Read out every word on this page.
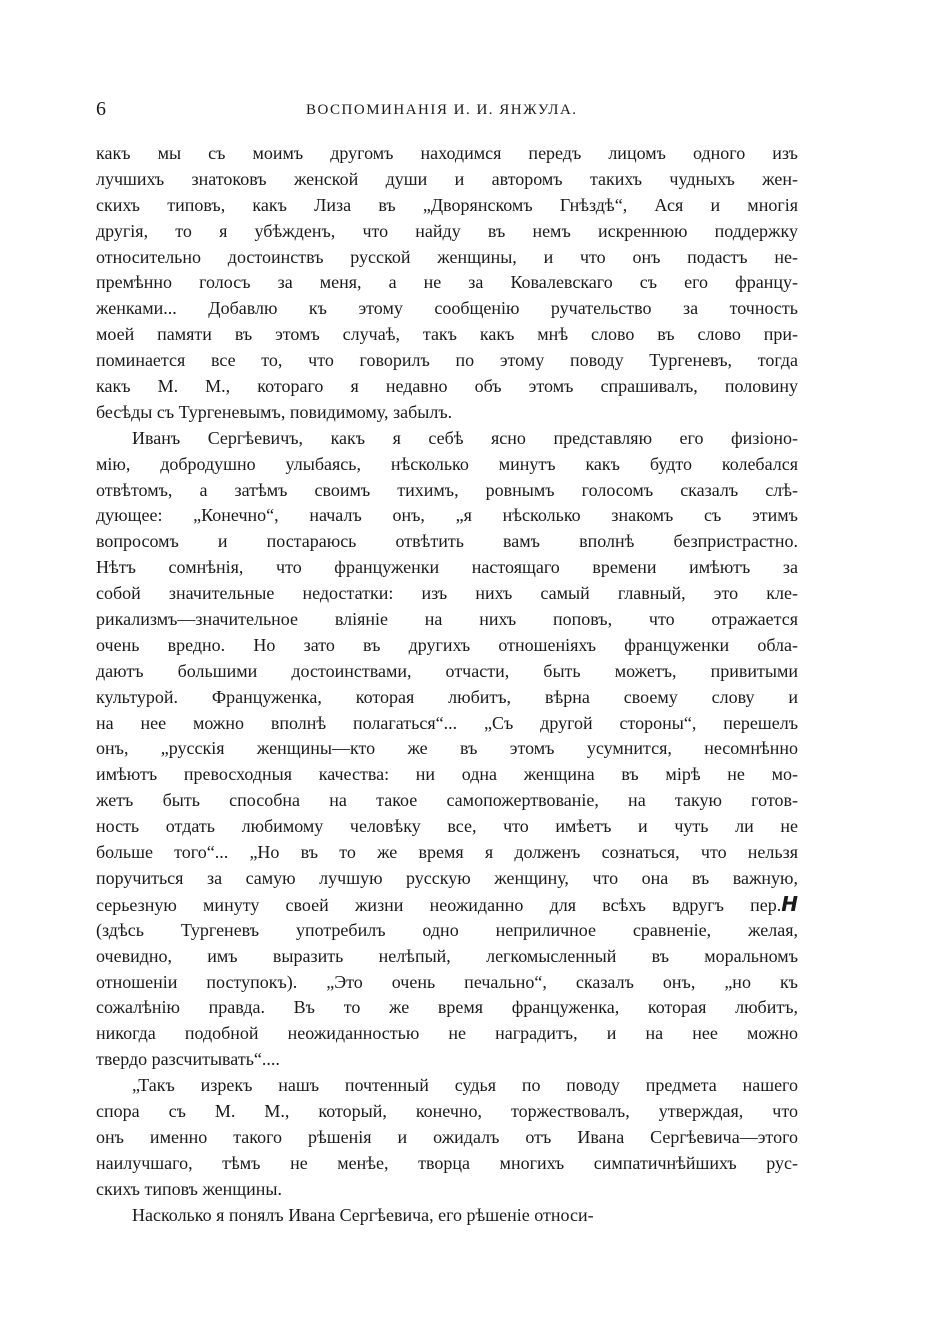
6	ВОСПОМИНАНІЯ И. И. ЯНЖУЛА.
какъ мы съ моимъ другомъ находимся передъ лицомъ одного изъ
лучшихъ знатоковъ женской души и авторомъ такихъ чудныхъ жен-
скихъ типовъ, какъ Лиза въ „Дворянскомъ Гнѣздѣ“, Ася и многія
другія, то я убѣжденъ, что найду въ немъ искреннюю поддержку
относительно достоинствъ русской женщины, и что онъ подастъ не-
премѣнно голосъ за меня, а не за Ковалевскаго съ его францу-
женками... Добавлю къ этому сообщенію ручательство за точность
моей памяти въ этомъ случаѣ, такъ какъ мнѣ слово въ слово при-
поминается все то, что говорилъ по этому поводу Тургеневъ, тогда
какъ М. М., котораго я недавно объ этомъ спрашивалъ, половину
бесѣды съ Тургеневымъ, повидимому, забылъ.
Иванъ Сергѣевичъ, какъ я себѣ ясно представляю его физіоно-
мію, добродушно улыбаясь, нѣсколько минутъ какъ будто колебался
отвѣтомъ, а затѣмъ своимъ тихимъ, ровнымъ голосомъ сказалъ слѣ-
дующее: „Конечно“, началъ онъ, „я нѣсколько знакомъ съ этимъ
вопросомъ и постараюсь отвѣтить вамъ вполнѣ безпристрастно.
Нѣтъ сомнѣнія, что француженки настоящаго времени имѣютъ за
собой значительные недостатки: изъ нихъ самый главный, это кле-
рикализмъ—значительное вліяніе на нихъ поповъ, что отражается
очень вредно. Но зато въ другихъ отношеніяхъ француженки обла-
даютъ большими достоинствами, отчасти, быть можетъ, привитыми
культурой. Француженка, которая любитъ, вѣрна своему слову и
на нее можно вполнѣ полагаться“... „Съ другой стороны“, перешелъ
онъ, „русскія женщины—кто же въ этомъ усумнится, несомнѣнно
имѣютъ превосходныя качества: ни одна женщина въ мірѣ не мо-
жетъ быть способна на такое самопожертвованіе, на такую готов-
ность отдать любимому человѣку все, что имѣетъ и чуть ли не
больше того“... „Но въ то же время я долженъ сознаться, что нельзя
поручиться за самую лучшую русскую женщину, что она въ важную,
серьезную минуту своей жизни неожиданно для всѣхъ вдругъ пер.Н
(здѣсь Тургеневъ употребилъ одно неприличное сравненіе, желая,
очевидно, имъ выразить нелѣпый, легкомысленный въ моральномъ
отношеніи поступокъ). „Это очень печально“, сказалъ онъ, „но къ
сожалѣнію правда. Въ то же время француженка, которая любитъ,
никогда подобной неожиданностью не наградитъ, и на нее можно
твердо разсчитывать“....
„Такъ изрекъ нашъ почтенный судья по поводу предмета нашего
спора съ М. М., который, конечно, торжествовалъ, утверждая, что
онъ именно такого рѣшенія и ожидалъ отъ Ивана Сергѣевича—этого
наилучшаго, тѣмъ не менѣе, творца многихъ симпатичнѣйшихъ рус-
скихъ типовъ женщины.
Насколько я понялъ Ивана Сергѣевича, его рѣшеніе относи-
